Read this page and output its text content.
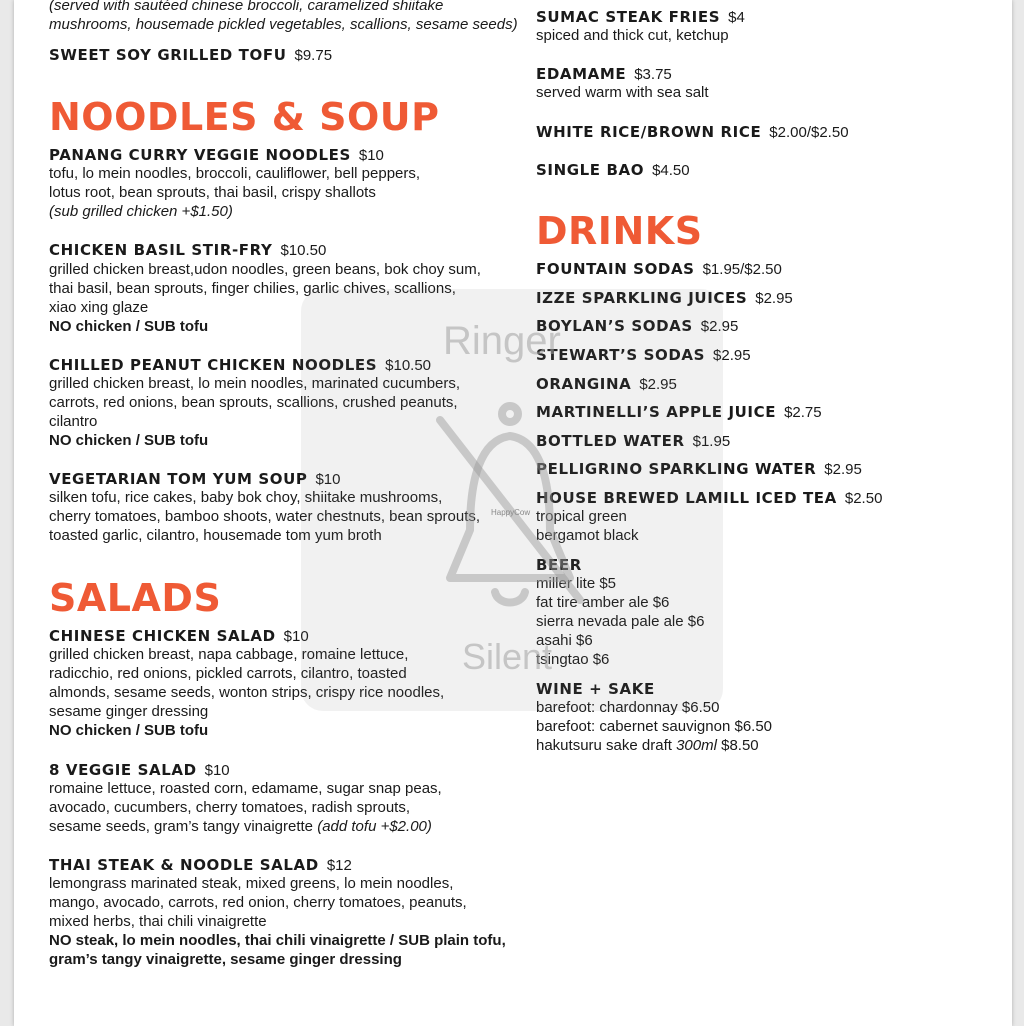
(served with sautéed chinese broccoli, caramelized shiitake
mushrooms, housemade pickled vegetables, scallions, sesame seeds)
SWEET SOY GRILLED TOFU $9.75
NOODLES & SOUP
PANANG CURRY VEGGIE NOODLES $10
tofu, lo mein noodles, broccoli, cauliflower, bell peppers,
lotus root, bean sprouts, thai basil, crispy shallots
(sub grilled chicken +$1.50)
CHICKEN BASIL STIR-FRY $10.50
grilled chicken breast,udon noodles, green beans, bok choy sum,
thai basil, bean sprouts, finger chilies, garlic chives, scallions,
xiao xing glaze
NO chicken / SUB tofu
CHILLED PEANUT CHICKEN NOODLES $10.50
grilled chicken breast, lo mein noodles, marinated cucumbers,
carrots, red onions, bean sprouts, scallions, crushed peanuts,
cilantro
NO chicken / SUB tofu
VEGETARIAN TOM YUM SOUP $10
silken tofu, rice cakes, baby bok choy, shiitake mushrooms,
cherry tomatoes, bamboo shoots, water chestnuts, bean sprouts,
toasted garlic, cilantro, housemade tom yum broth
SALADS
CHINESE CHICKEN SALAD $10
grilled chicken breast, napa cabbage, romaine lettuce,
radicchio, red onions, pickled carrots, cilantro, toasted
almonds, sesame seeds, wonton strips, crispy rice noodles,
sesame ginger dressing
NO chicken / SUB tofu
8 VEGGIE SALAD $10
romaine lettuce, roasted corn, edamame, sugar snap peas,
avocado, cucumbers, cherry tomatoes, radish sprouts,
sesame seeds, gram’s tangy vinaigrette (add tofu +$2.00)
THAI STEAK & NOODLE SALAD $12
lemongrass marinated steak, mixed greens, lo mein noodles,
mango, avocado, carrots, red onion, cherry tomatoes, peanuts,
mixed herbs, thai chili vinaigrette
NO steak, lo mein noodles, thai chili vinaigrette / SUB plain tofu,
gram’s tangy vinaigrette, sesame ginger dressing
SUMAC STEAK FRIES $4
spiced and thick cut, ketchup
EDAMAME $3.75
served warm with sea salt
WHITE RICE/BROWN RICE $2.00/$2.50
SINGLE BAO $4.50
DRINKS
FOUNTAIN SODAS $1.95/$2.50
IZZE SPARKLING JUICES $2.95
BOYLAN’S SODAS $2.95
STEWART’S SODAS $2.95
ORANGINA $2.95
MARTINELLI’S APPLE JUICE $2.75
BOTTLED WATER $1.95
PELLIGRINO SPARKLING WATER $2.95
HOUSE BREWED LAMILL ICED TEA $2.50
tropical green
bergamot black
BEER
miller lite $5
fat tire amber ale $6
sierra nevada pale ale $6
asahi $6
tsingtao $6
WINE + SAKE
barefoot: chardonnay $6.50
barefoot: cabernet sauvignon $6.50
hakutsuru sake draft 300ml $8.50
Ringer
HappyCow
Silent
